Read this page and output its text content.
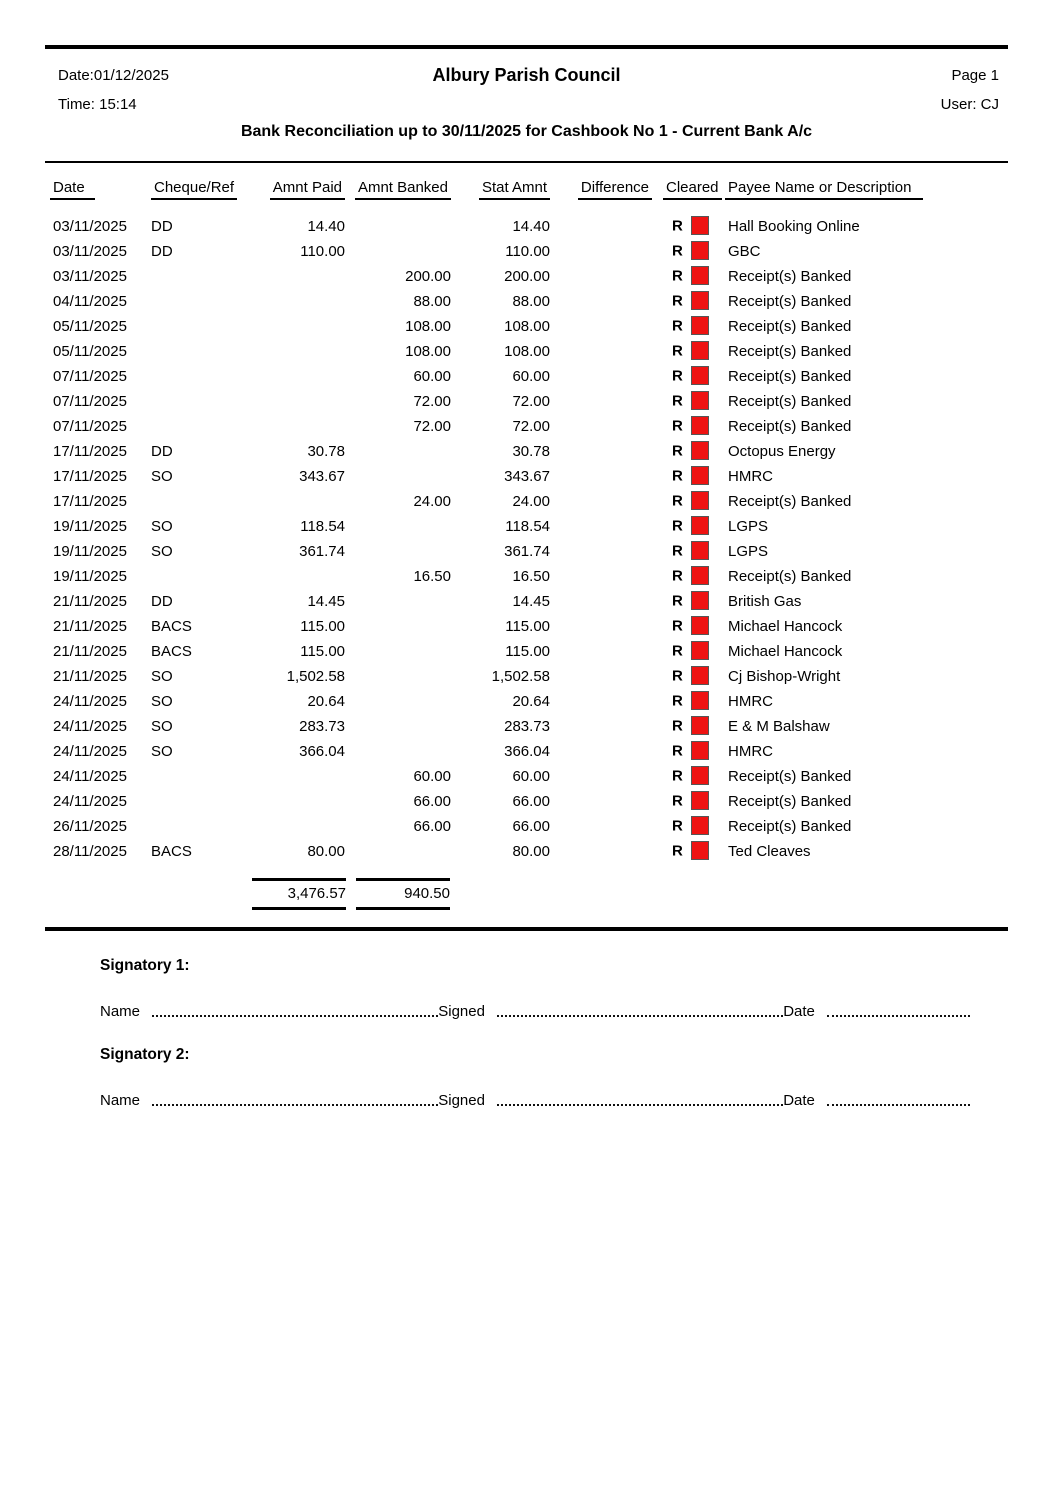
Date:01/12/2025
Time: 15:14
Albury Parish Council	Page 1
User: CJ
Bank Reconciliation up to 30/11/2025 for Cashbook No 1 - Current Bank A/c
Date	Cheque/Ref	Amnt Paid	Amnt Banked	Stat Amnt	Difference	Cleared	Payee Name or Description
03/11/2025	DD	14.40		14.40		R	Hall Booking Online
03/11/2025	DD	110.00		110.00		R	GBC
03/11/2025			200.00	200.00		R	Receipt(s) Banked
04/11/2025			88.00	88.00		R	Receipt(s) Banked
05/11/2025			108.00	108.00		R	Receipt(s) Banked
05/11/2025			108.00	108.00		R	Receipt(s) Banked
07/11/2025			60.00	60.00		R	Receipt(s) Banked
07/11/2025			72.00	72.00		R	Receipt(s) Banked
07/11/2025			72.00	72.00		R	Receipt(s) Banked
17/11/2025	DD	30.78		30.78		R	Octopus Energy
17/11/2025	SO	343.67		343.67		R	HMRC
17/11/2025			24.00	24.00		R	Receipt(s) Banked
19/11/2025	SO	118.54		118.54		R	LGPS
19/11/2025	SO	361.74		361.74		R	LGPS
19/11/2025			16.50	16.50		R	Receipt(s) Banked
21/11/2025	DD	14.45		14.45		R	British Gas
21/11/2025	BACS	115.00		115.00		R	Michael Hancock
21/11/2025	BACS	115.00		115.00		R	Michael Hancock
21/11/2025	SO	1,502.58		1,502.58		R	Cj Bishop-Wright
24/11/2025	SO	20.64		20.64		R	HMRC
24/11/2025	SO	283.73		283.73		R	E & M Balshaw
24/11/2025	SO	366.04		366.04		R	HMRC
24/11/2025			60.00	60.00		R	Receipt(s) Banked
24/11/2025			66.00	66.00		R	Receipt(s) Banked
26/11/2025			66.00	66.00		R	Receipt(s) Banked
28/11/2025	BACS	80.00		80.00		R	Ted Cleaves
		3,476.57	940.50				
Signatory 1:
Name	Signed	Date
Signatory 2:
Name	Signed	Date
